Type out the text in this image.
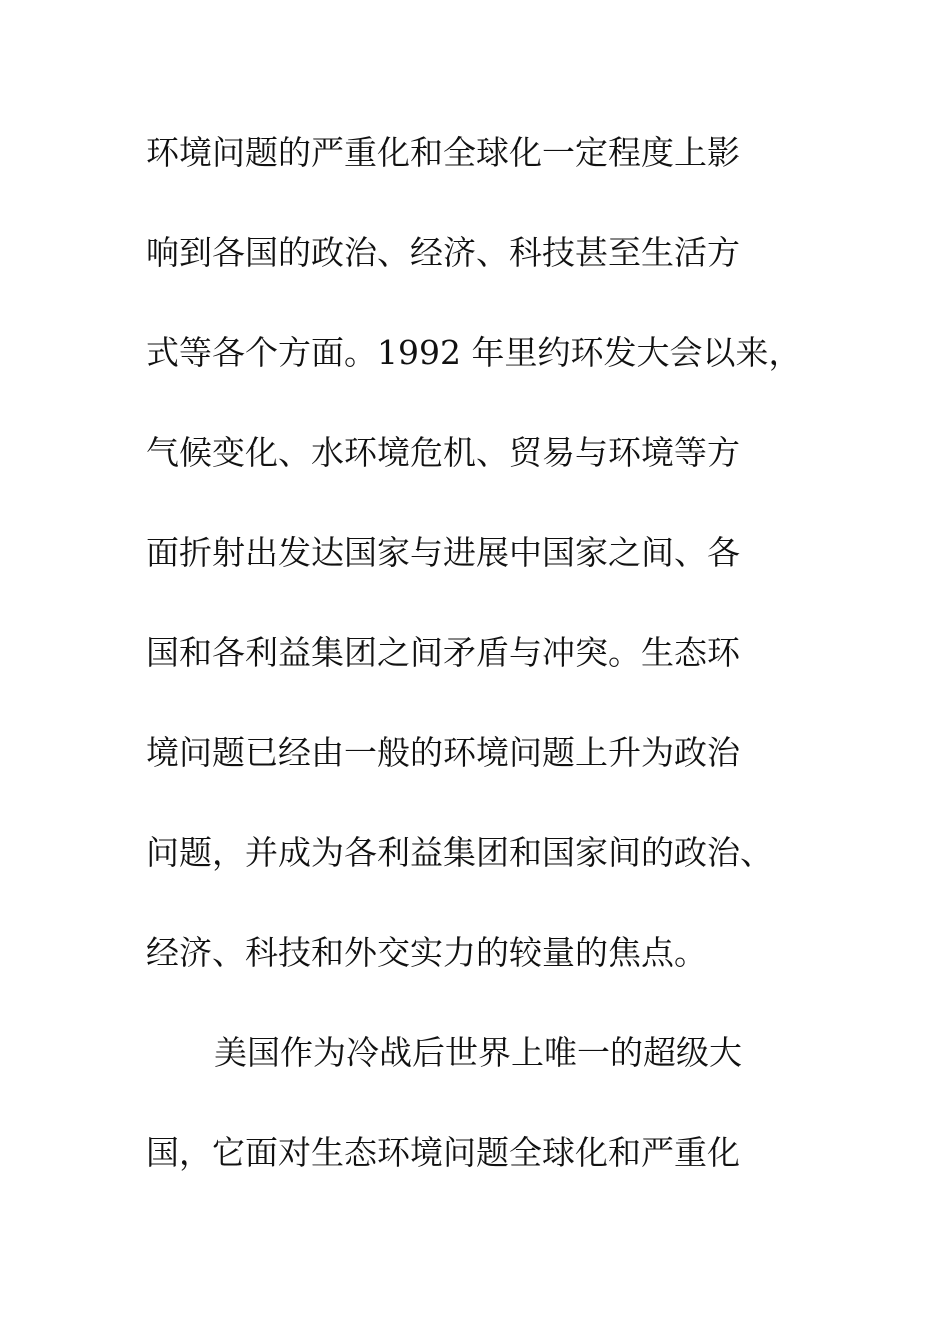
环境问题的严重化和全球化一定程度上影
响到各国的政治、经济、科技甚至生活方
式等各个方面。1992 年里约环发大会以来，
气候变化、水环境危机、贸易与环境等方
面折射出发达国家与进展中国家之间、各
国和各利益集团之间矛盾与冲突。生态环
境问题已经由一般的环境问题上升为政治
问题，并成为各利益集团和国家间的政治、
经济、科技和外交实力的较量的焦点。
美国作为冷战后世界上唯一的超级大
国，它面对生态环境问题全球化和严重化
